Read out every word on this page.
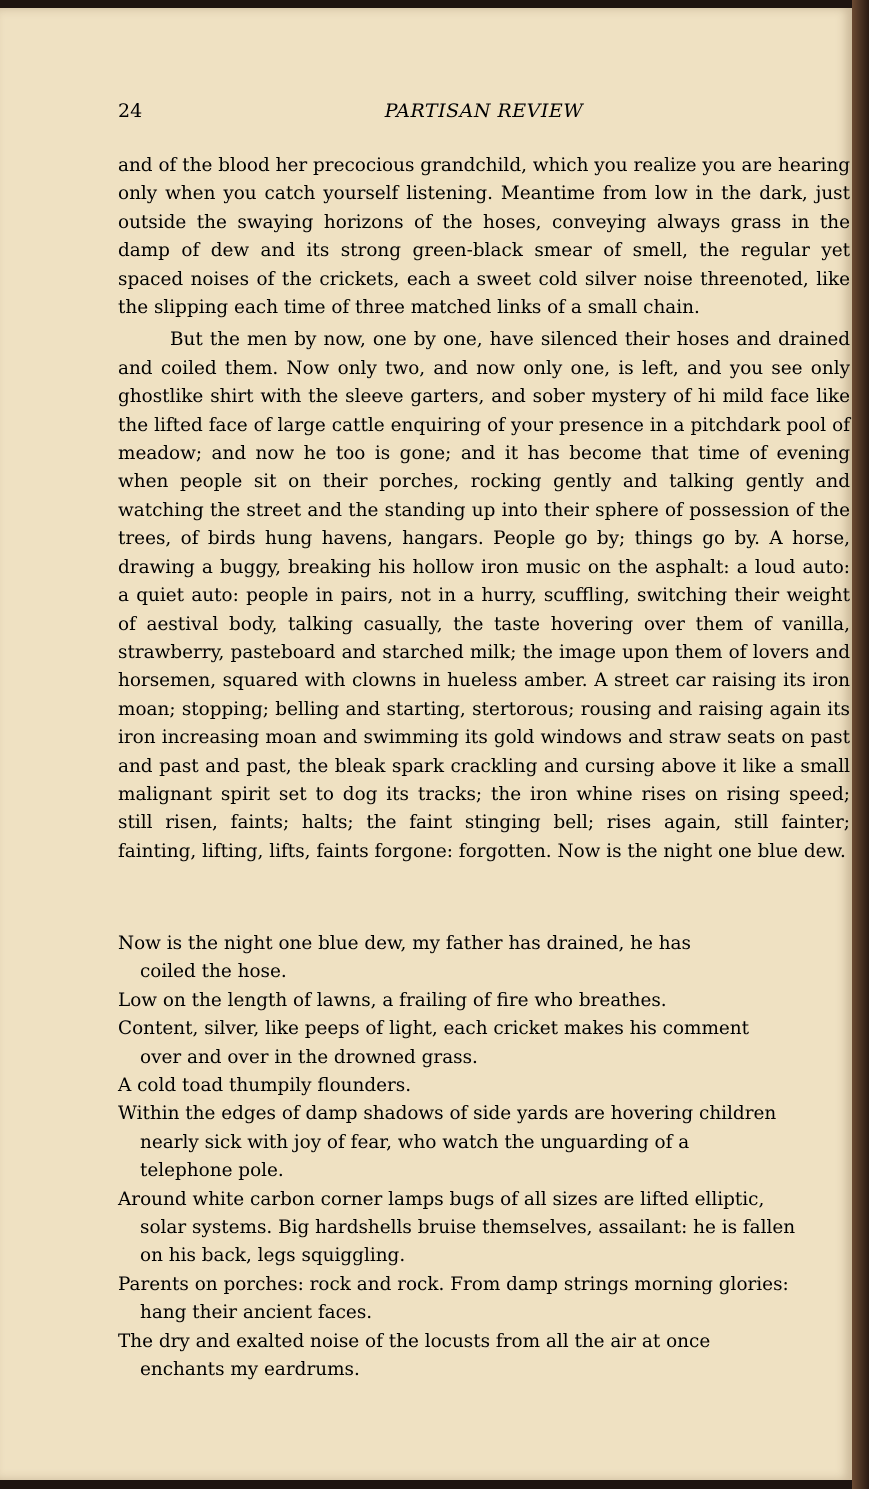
24	PARTISAN REVIEW

and of the blood her precocious grandchild, which you realize you are hearing only when you catch yourself listening. Meantime from low in the dark, just outside the swaying horizons of the hoses, conveying always grass in the damp of dew and its strong green-black smear of smell, the regular yet spaced noises of the crickets, each a sweet cold silver noise threenoted, like the slipping each time of three matched links of a small chain.

But the men by now, one by one, have silenced their hoses and drained and coiled them. Now only two, and now only one, is left, and you see only ghostlike shirt with the sleeve garters, and sober mystery of hi mild face like the lifted face of large cattle enquiring of your presence in a pitchdark pool of meadow; and now he too is gone; and it has become that time of evening when people sit on their porches, rocking gently and talking gently and watching the street and the standing up into their sphere of possession of the trees, of birds hung havens, hangars. People go by; things go by. A horse, drawing a buggy, breaking his hollow iron music on the asphalt: a loud auto: a quiet auto: people in pairs, not in a hurry, scuffling, switching their weight of aestival body, talking casually, the taste hovering over them of vanilla, strawberry, pasteboard and starched milk; the image upon them of lovers and horsemen, squared with clowns in hueless amber. A street car raising its iron moan; stopping; belling and starting, stertorous; rousing and raising again its iron increasing moan and swimming its gold windows and straw seats on past and past and past, the bleak spark crackling and cursing above it like a small malignant spirit set to dog its tracks; the iron whine rises on rising speed; still risen, faints; halts; the faint stinging bell; rises again, still fainter; fainting, lifting, lifts, faints forgone: forgotten. Now is the night one blue dew.

Now is the night one blue dew, my father has drained, he has
coiled the hose.

Low on the length of lawns, a frailing of fire who breathes.

Content, silver, like peeps of light, each cricket makes his comment
over and over in the drowned grass.

A cold toad thumpily flounders.

Within the edges of damp shadows of side yards are hovering children
nearly sick with joy of fear, who watch the unguarding of a
telephone pole.

Around white carbon corner lamps bugs of all sizes are lifted elliptic,
solar systems. Big hardshells bruise themselves, assailant: he is fallen
on his back, legs squiggling.

Parents on porches: rock and rock. From damp strings morning glories:
hang their ancient faces.

The dry and exalted noise of the locusts from all the air at once
enchants my eardrums.
